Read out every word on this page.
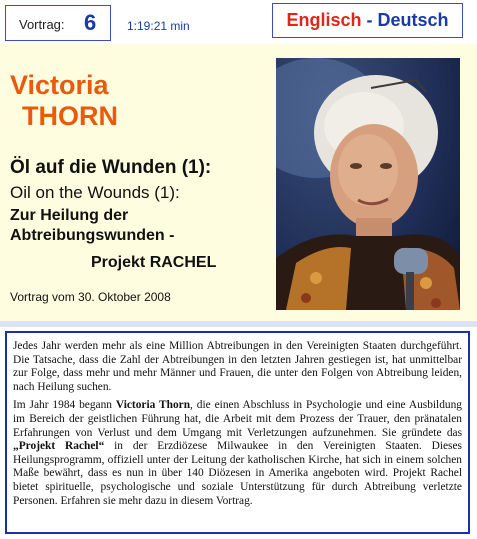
Vortrag: 6	1:19:21 min	Englisch - Deutsch
Victoria
THORN
Öl auf die Wunden (1):
Oil on the Wounds (1):
Zur Heilung der
Abtreibungswunden -
Projekt RACHEL
Vortrag vom 30. Oktober 2008

Jedes Jahr werden mehr als eine Million Abtreibungen in den Vereinigten Staaten durchgeführt. Die Tatsache, dass die Zahl der Abtreibungen in den letzten Jahren gestiegen ist, hat unmittelbar zur Folge, dass mehr und mehr Männer und Frauen, die unter den Folgen von Abtreibung leiden, nach Heilung suchen.

Im Jahr 1984 begann Victoria Thorn, die einen Abschluss in Psychologie und eine Ausbildung im Bereich der geistlichen Führung hat, die Arbeit mit dem Prozess der Trauer, den pränatalen Erfahrungen von Verlust und dem Umgang mit Verletzungen aufzunehmen. Sie gründete das „Projekt Rachel“ in der Erzdiözese Milwaukee in den Vereinigten Staaten. Dieses Heilungsprogramm, offiziell unter der Leitung der katholischen Kirche, hat sich in einem solchen Maße bewährt, dass es nun in über 140 Diözesen in Amerika angeboten wird. Projekt Rachel bietet spirituelle, psychologische und soziale Unterstützung für durch Abtreibung verletzte Personen. Erfahren sie mehr dazu in diesem Vortrag.
